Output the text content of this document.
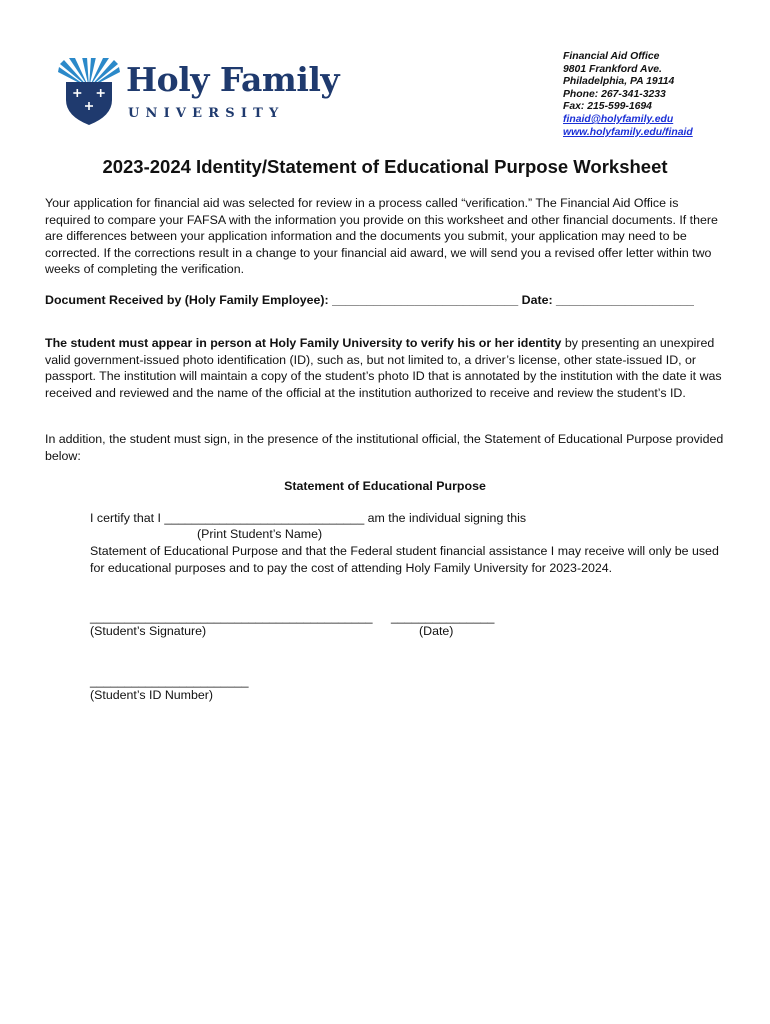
Holy Family
UNIVERSITY
Financial Aid Office
9801 Frankford Ave.
Philadelphia, PA 19114
Phone: 267-341-3233
Fax: 215-599-1694
finaid@holyfamily.edu
www.holyfamily.edu/finaid
2023-2024 Identity/Statement of Educational Purpose Worksheet
Your application for financial aid was selected for review in a process called “verification.” The Financial Aid Office is required to compare your FAFSA with the information you provide on this worksheet and other financial documents. If there are differences between your application information and the documents you submit, your application may need to be corrected. If the corrections result in a change to your financial aid award, we will send you a revised offer letter within two weeks of completing the verification.
Document Received by (Holy Family Employee): ___________________________ Date: ____________________
The student must appear in person at Holy Family University to verify his or her identity by presenting an unexpired valid government-issued photo identification (ID), such as, but not limited to, a driver’s license, other state-issued ID, or passport. The institution will maintain a copy of the student’s photo ID that is annotated by the institution with the date it was received and reviewed and the name of the official at the institution authorized to receive and review the student’s ID.
In addition, the student must sign, in the presence of the institutional official, the Statement of Educational Purpose provided below:
Statement of Educational Purpose
I certify that I _____________________________ am the individual signing this
(Print Student’s Name)
Statement of Educational Purpose and that the Federal student financial assistance I may receive will only be used for educational purposes and to pay the cost of attending Holy Family University for 2023-2024.
_________________________________________ _______________
(Student’s Signature)	(Date)
_______________________
(Student’s ID Number)
